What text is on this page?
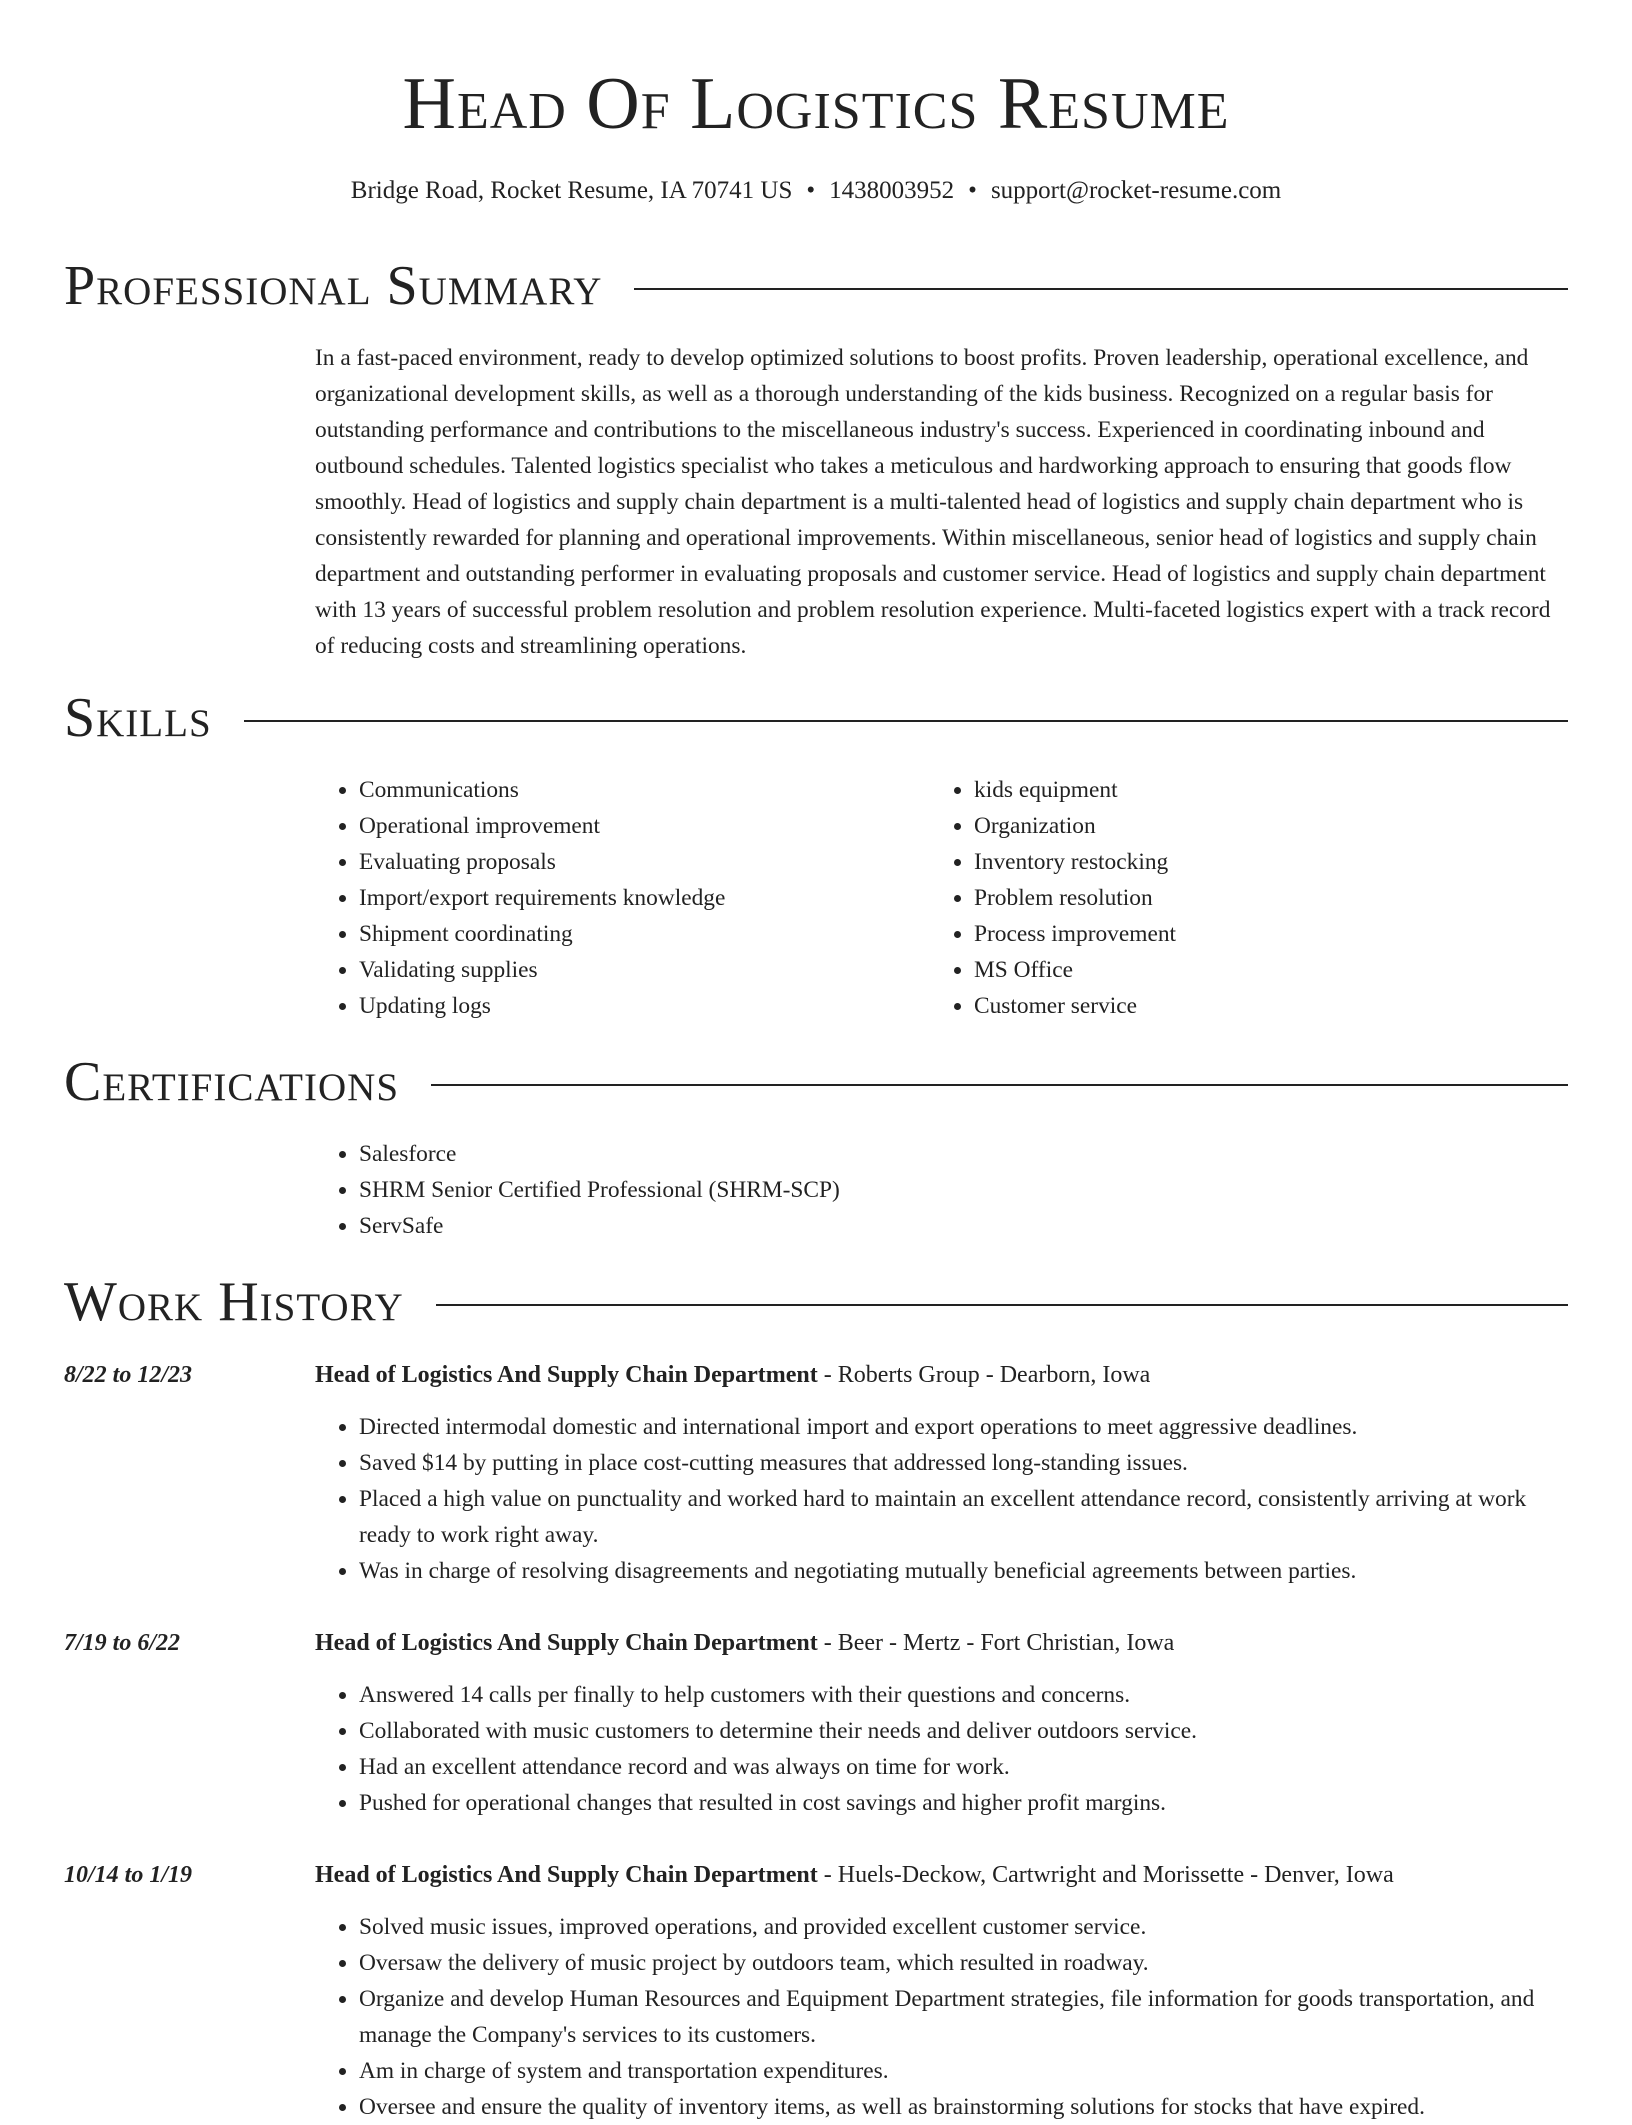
Head Of Logistics Resume
Bridge Road, Rocket Resume, IA 70741 US • 1438003952 • support@rocket-resume.com
Professional Summary

In a fast-paced environment, ready to develop optimized solutions to boost profits. Proven leadership, operational excellence, and organizational development skills, as well as a thorough understanding of the kids business. Recognized on a regular basis for outstanding performance and contributions to the miscellaneous industry's success. Experienced in coordinating inbound and outbound schedules. Talented logistics specialist who takes a meticulous and hardworking approach to ensuring that goods flow smoothly. Head of logistics and supply chain department is a multi-talented head of logistics and supply chain department who is consistently rewarded for planning and operational improvements. Within miscellaneous, senior head of logistics and supply chain department and outstanding performer in evaluating proposals and customer service. Head of logistics and supply chain department with 13 years of successful problem resolution and problem resolution experience. Multi-faceted logistics expert with a track record of reducing costs and streamlining operations.

Skills
• Communications
• Operational improvement
• Evaluating proposals
• Import/export requirements knowledge
• Shipment coordinating
• Validating supplies
• Updating logs
• kids equipment
• Organization
• Inventory restocking
• Problem resolution
• Process improvement
• MS Office
• Customer service
Certifications
• Salesforce
• SHRM Senior Certified Professional (SHRM-SCP)
• ServSafe
Work History
8/22 to 12/23	Head of Logistics And Supply Chain Department - Roberts Group - Dearborn, Iowa
• Directed intermodal domestic and international import and export operations to meet aggressive deadlines.
• Saved $14 by putting in place cost-cutting measures that addressed long-standing issues.
• Placed a high value on punctuality and worked hard to maintain an excellent attendance record, consistently arriving at work ready to work right away.
• Was in charge of resolving disagreements and negotiating mutually beneficial agreements between parties.
7/19 to 6/22	Head of Logistics And Supply Chain Department - Beer - Mertz - Fort Christian, Iowa
• Answered 14 calls per finally to help customers with their questions and concerns.
• Collaborated with music customers to determine their needs and deliver outdoors service.
• Had an excellent attendance record and was always on time for work.
• Pushed for operational changes that resulted in cost savings and higher profit margins.
10/14 to 1/19	Head of Logistics And Supply Chain Department - Huels-Deckow, Cartwright and Morissette - Denver, Iowa
• Solved music issues, improved operations, and provided excellent customer service.
• Oversaw the delivery of music project by outdoors team, which resulted in roadway.
• Organize and develop Human Resources and Equipment Department strategies, file information for goods transportation, and manage the Company's services to its customers.
• Am in charge of system and transportation expenditures.
• Oversee and ensure the quality of inventory items, as well as brainstorming solutions for stocks that have expired.
